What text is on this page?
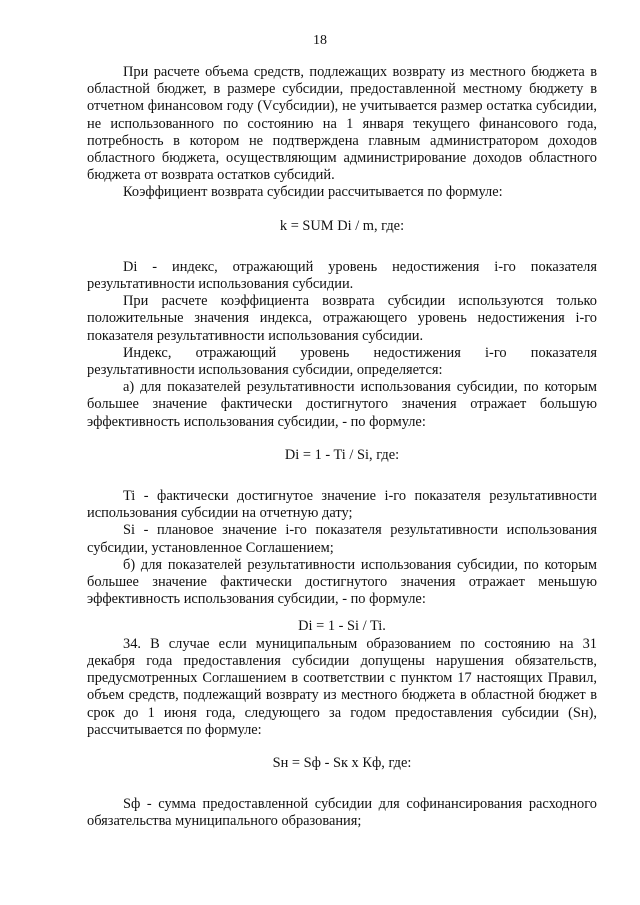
18

При расчете объема средств, подлежащих возврату из местного бюджета в областной бюджет, в размере субсидии, предоставленной местному бюджету в отчетном финансовом году (Vсубсидии), не учитывается размер остатка субсидии, не использованного по состоянию на 1 января текущего финансового года, потребность в котором не подтверждена главным администратором доходов областного бюджета, осуществляющим администрирование доходов областного бюджета от возврата остатков субсидий.

Коэффициент возврата субсидии рассчитывается по формуле:

k = SUM Di / m, где:

Di - индекс, отражающий уровень недостижения i-го показателя результативности использования субсидии.

При расчете коэффициента возврата субсидии используются только положительные значения индекса, отражающего уровень недостижения i-го показателя результативности использования субсидии.

Индекс, отражающий уровень недостижения i-го показателя результативности использования субсидии, определяется:

а) для показателей результативности использования субсидии, по которым большее значение фактически достигнутого значения отражает большую эффективность использования субсидии, - по формуле:

Di = 1 - Ti / Si, где:

Ti - фактически достигнутое значение i-го показателя результативности использования субсидии на отчетную дату;

Si - плановое значение i-го показателя результативности использования субсидии, установленное Соглашением;

б) для показателей результативности использования субсидии, по которым большее значение фактически достигнутого значения отражает меньшую эффективность использования субсидии, - по формуле:

Di = 1 - Si / Ti.

34. В случае если муниципальным образованием по состоянию на 31 декабря года предоставления субсидии допущены нарушения обязательств, предусмотренных Соглашением в соответствии с пунктом 17 настоящих Правил, объем средств, подлежащий возврату из местного бюджета в областной бюджет в срок до 1 июня года, следующего за годом предоставления субсидии (Sн), рассчитывается по формуле:

Sн = Sф - Sк x Кф, где:

Sф - сумма предоставленной субсидии для софинансирования расходного обязательства муниципального образования;
